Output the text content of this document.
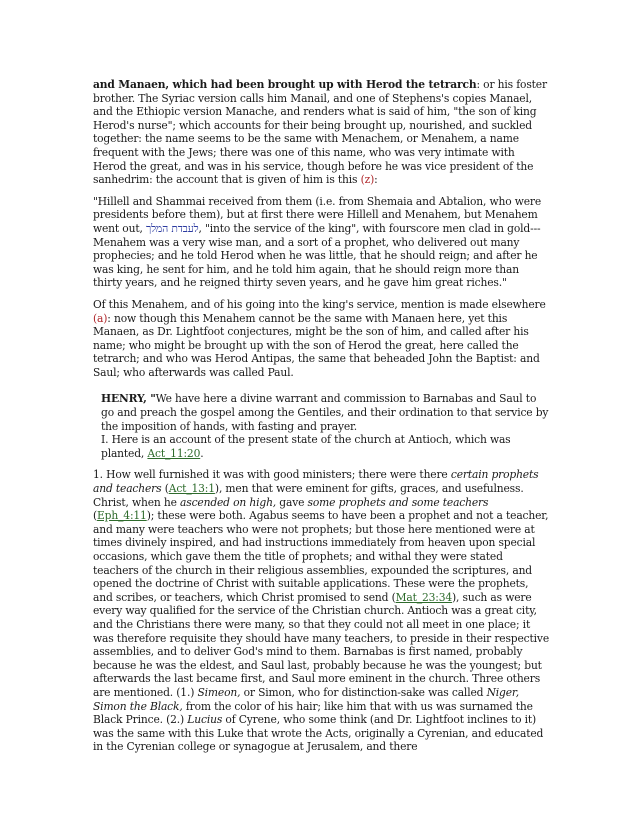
and Manaen, which had been brought up with Herod the tetrarch: or his foster brother. The Syriac version calls him Manail, and one of Stephens's copies Manael, and the Ethiopic version Manache, and renders what is said of him, "the son of king Herod's nurse"; which accounts for their being brought up, nourished, and suckled together: the name seems to be the same with Menachem, or Menahem, a name frequent with the Jews; there was one of this name, who was very intimate with Herod the great, and was in his service, though before he was vice president of the sanhedrim: the account that is given of him is this (z):

"Hillell and Shammai received from them (i.e. from Shemaia and Abtalion, who were presidents before them), but at first there were Hillell and Menahem, but Menahem went out, לעבדת המלך, "into the service of the king", with fourscore men clad in gold--- Menahem was a very wise man, and a sort of a prophet, who delivered out many prophecies; and he told Herod when he was little, that he should reign; and after he was king, he sent for him, and he told him again, that he should reign more than thirty years, and he reigned thirty seven years, and he gave him great riches."

Of this Menahem, and of his going into the king's service, mention is made elsewhere (a): now though this Menahem cannot be the same with Manaen here, yet this Manaen, as Dr. Lightfoot conjectures, might be the son of him, and called after his name; who might be brought up with the son of Herod the great, here called the tetrarch; and who was Herod Antipas, the same that beheaded John the Baptist: and Saul; who afterwards was called Paul.

HENRY, "We have here a divine warrant and commission to Barnabas and Saul to go and preach the gospel among the Gentiles, and their ordination to that service by the imposition of hands, with fasting and prayer.

I. Here is an account of the present state of the church at Antioch, which was planted, Act_11:20.

1. How well furnished it was with good ministers; there were there certain prophets and teachers (Act_13:1), men that were eminent for gifts, graces, and usefulness. Christ, when he ascended on high, gave some prophets and some teachers (Eph_4:11); these were both. Agabus seems to have been a prophet and not a teacher, and many were teachers who were not prophets; but those here mentioned were at times divinely inspired, and had instructions immediately from heaven upon special occasions, which gave them the title of prophets; and withal they were stated teachers of the church in their religious assemblies, expounded the scriptures, and opened the doctrine of Christ with suitable applications. These were the prophets, and scribes, or teachers, which Christ promised to send (Mat_23:34), such as were every way qualified for the service of the Christian church. Antioch was a great city, and the Christians there were many, so that they could not all meet in one place; it was therefore requisite they should have many teachers, to preside in their respective assemblies, and to deliver God's mind to them. Barnabas is first named, probably because he was the eldest, and Saul last, probably because he was the youngest; but afterwards the last became first, and Saul more eminent in the church. Three others are mentioned. (1.) Simeon, or Simon, who for distinction-sake was called Niger, Simon the Black, from the color of his hair; like him that with us was surnamed the Black Prince. (2.) Lucius of Cyrene, who some think (and Dr. Lightfoot inclines to it) was the same with this Luke that wrote the Acts, originally a Cyrenian, and educated in the Cyrenian college or synagogue at Jerusalem, and there
